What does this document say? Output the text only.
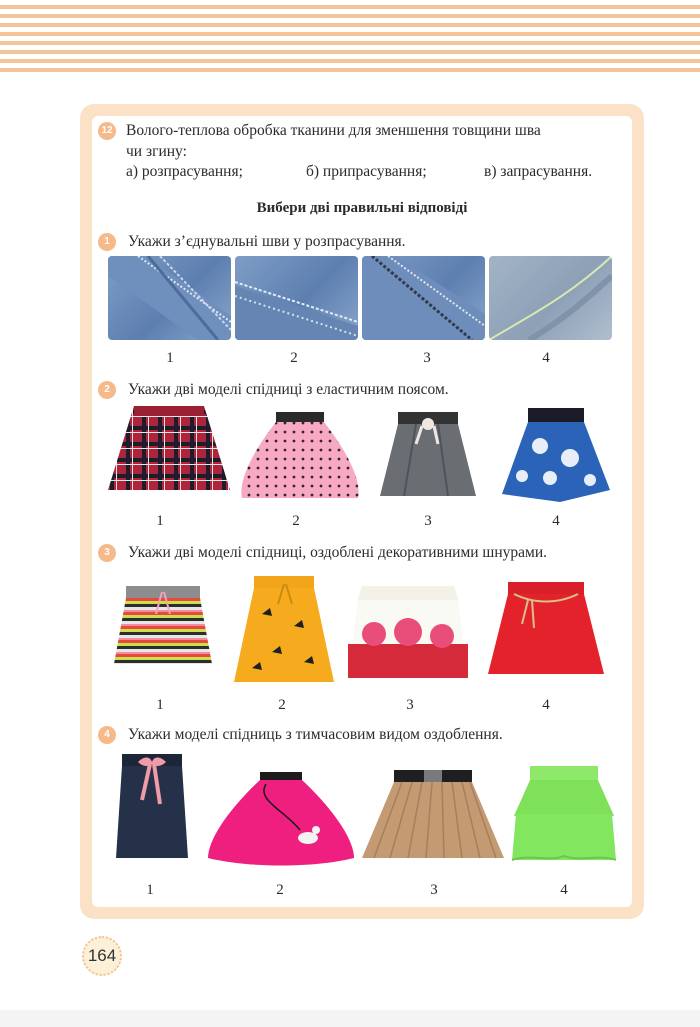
12 Волого-теплова обробка тканини для зменшення товщини шва
чи згину:
а) розпрасування;	б) припрасування;	в) запрасування.
Вибери дві правильні відповіді
1	Укажи з’єднувальні шви у розпрасування.
1	2	3	4
2	Укажи дві моделі спідниці з еластичним поясом.
1	2	3	4
3	Укажи дві моделі спідниці, оздоблені декоративними шнурами.
1	2	3	4
4	Укажи моделі спідниць з тимчасовим видом оздоблення.
1	2	3	4
164
